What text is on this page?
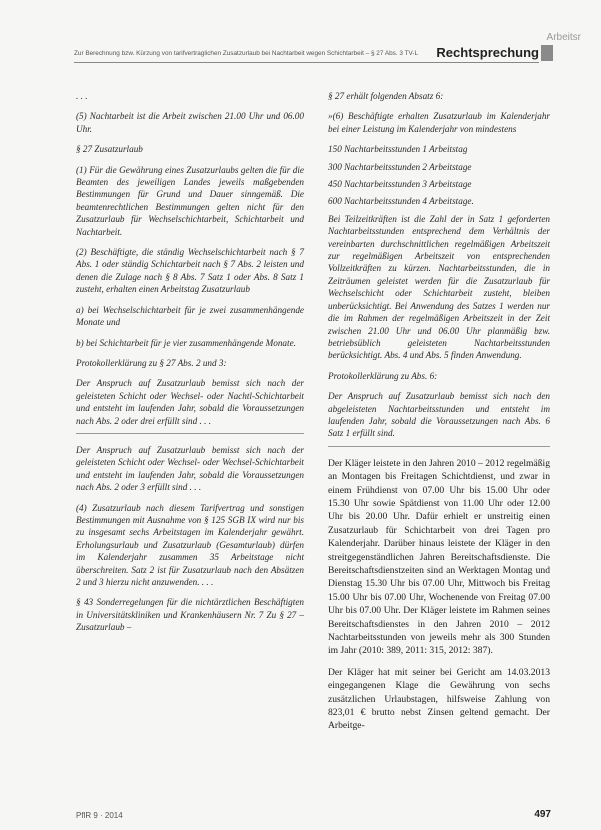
Arbeitsr
Zur Berechnung bzw. Kürzung von tarifvertraglichen Zusatzurlaub bei Nachtarbeit wegen Schichtarbeit – § 27 Abs. 3 TV-L Rechtsprechung

. . .

(5) Nachtarbeit ist die Arbeit zwischen 21.00 Uhr und 06.00 Uhr.

§ 27 Zusatzurlaub

(1) Für die Gewährung eines Zusatzurlaubs gelten die für die Beamten des jeweiligen Landes jeweils maßgebenden Bestimmungen für Grund und Dauer sinngemäß. Die beamtenrechtlichen Bestimmungen gelten nicht für den Zusatzurlaub für Wechselschichtarbeit, Schichtarbeit und Nachtarbeit.

(2) Beschäftigte, die ständig Wechselschichtarbeit nach § 7 Abs. 1 oder ständig Schichtarbeit nach § 7 Abs. 2 leisten und denen die Zulage nach § 8 Abs. 7 Satz 1 oder Abs. 8 Satz 1 zusteht, erhalten einen Arbeitstag Zusatzurlaub

a) bei Wechselschichtarbeit für je zwei zusammenhängende Monate und

b) bei Schichtarbeit für je vier zusammenhängende Monate.

Protokollerklärung zu § 27 Abs. 2 und 3:

Der Anspruch auf Zusatzurlaub bemisst sich nach der geleisteten Schicht oder Wechsel- oder Nachtl-Schichtarbeit und entsteht im laufenden Jahr, sobald die Voraussetzungen nach Abs. 2 oder drei erfüllt sind . . .

Der Anspruch auf Zusatzurlaub bemisst sich nach der geleisteten Schicht oder Wechsel- oder Wechsel-Schichtarbeit und entsteht im laufenden Jahr, sobald die Voraussetzungen nach Abs. 2 oder 3 erfüllt sind . . .

(4) Zusatzurlaub nach diesem Tarifvertrag und sonstigen Bestimmungen mit Ausnahme von § 125 SGB IX wird nur bis zu insgesamt sechs Arbeitstagen im Kalenderjahr gewährt. Erholungsurlaub und Zusatzurlaub (Gesamturlaub) dürfen im Kalenderjahr zusammen 35 Arbeitstage nicht überschreiten. Satz 2 ist für Zusatzurlaub nach den Absätzen 2 und 3 hierzu nicht anzuwenden. . . .

§ 43 Sonderregelungen für die nichtärztlichen Beschäftigten in Universitätskliniken und Krankenhäusern Nr. 7 Zu § 27 – Zusatzurlaub –

§ 27 erhält folgenden Absatz 6:

»(6) Beschäftigte erhalten Zusatzurlaub im Kalenderjahr bei einer Leistung im Kalenderjahr von mindestens

150 Nachtarbeitsstunden 1 Arbeitstag

300 Nachtarbeitsstunden 2 Arbeitstage

450 Nachtarbeitsstunden 3 Arbeitstage

600 Nachtarbeitsstunden 4 Arbeitstage.

Bei Teilzeitkräften ist die Zahl der in Satz 1 geforderten Nachtarbeitsstunden entsprechend dem Verhältnis der vereinbarten durchschnittlichen regelmäßigen Arbeitszeit zur regelmäßigen Arbeitszeit von entsprechenden Vollzeitkräften zu kürzen. Nachtarbeitsstunden, die in Zeiträumen geleistet werden für die Zusatzurlaub für Wechselschicht oder Schichtarbeit zusteht, bleiben unberücksichtigt. Bei Anwendung des Satzes 1 werden nur die im Rahmen der regelmäßigen Arbeitszeit in der Zeit zwischen 21.00 Uhr und 06.00 Uhr planmäßig bzw. betriebsüblich geleisteten Nachtarbeitsstunden berücksichtigt. Abs. 4 und Abs. 5 finden Anwendung.

Protokollerklärung zu Abs. 6:

Der Anspruch auf Zusatzurlaub bemisst sich nach den abgeleisteten Nachtarbeitsstunden und entsteht im laufenden Jahr, sobald die Voraussetzungen nach Abs. 6 Satz 1 erfüllt sind.

Der Kläger leistete in den Jahren 2010 – 2012 regelmäßig an Montagen bis Freitagen Schichtdienst, und zwar in einem Frühdienst von 07.00 Uhr bis 15.00 Uhr oder 15.30 Uhr sowie Spätdienst von 11.00 Uhr oder 12.00 Uhr bis 20.00 Uhr. Dafür erhielt er unstreitig einen Zusatzurlaub für Schichtarbeit von drei Tagen pro Kalenderjahr. Darüber hinaus leistete der Kläger in den streitgegenständlichen Jahren Bereitschaftsdienste. Die Bereitschaftsdienstzeiten sind an Werktagen Montag und Dienstag 15.30 Uhr bis 07.00 Uhr, Mittwoch bis Freitag 15.00 Uhr bis 07.00 Uhr, Wochenende von Freitag 07.00 Uhr bis 07.00 Uhr. Der Kläger leistete im Rahmen seines Bereitschaftsdienstes in den Jahren 2010 – 2012 Nachtarbeitsstunden von jeweils mehr als 300 Stunden im Jahr (2010: 389, 2011: 315, 2012: 387).

Der Kläger hat mit seiner bei Gericht am 14.03.2013 eingegangenen Klage die Gewährung von sechs zusätzlichen Urlaubstagen, hilfsweise Zahlung von 823,01 € brutto nebst Zinsen geltend gemacht. Der Arbeitge-

PflR 9 · 2014	497
